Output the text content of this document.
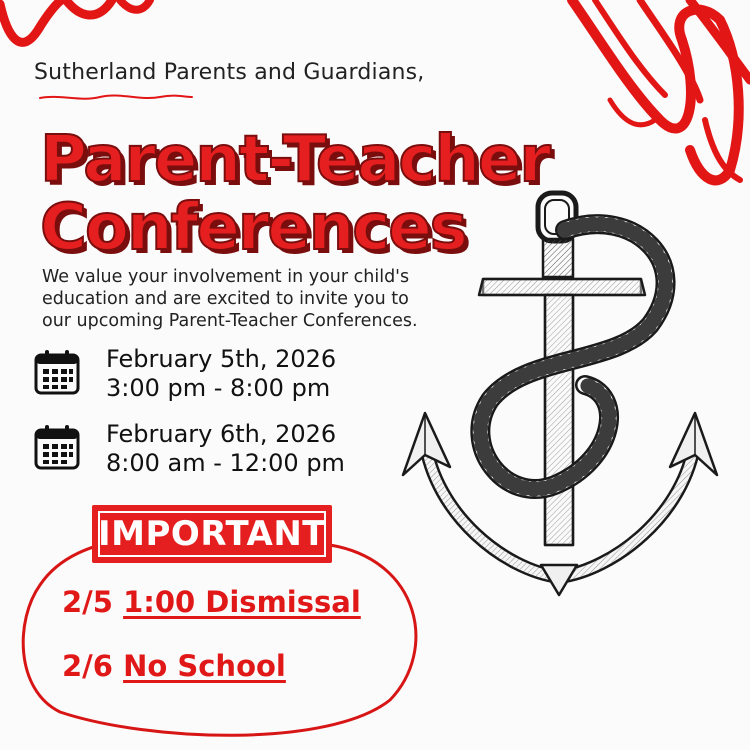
Sutherland Parents and Guardians,
Parent-Teacher
Conferences
We value your involvement in your child's
education and are excited to invite you to
our upcoming Parent-Teacher Conferences.
February 5th, 2026
3:00 pm - 8:00 pm
February 6th, 2026
8:00 am - 12:00 pm
IMPORTANT
2/5 1:00 Dismissal
2/6 No School
